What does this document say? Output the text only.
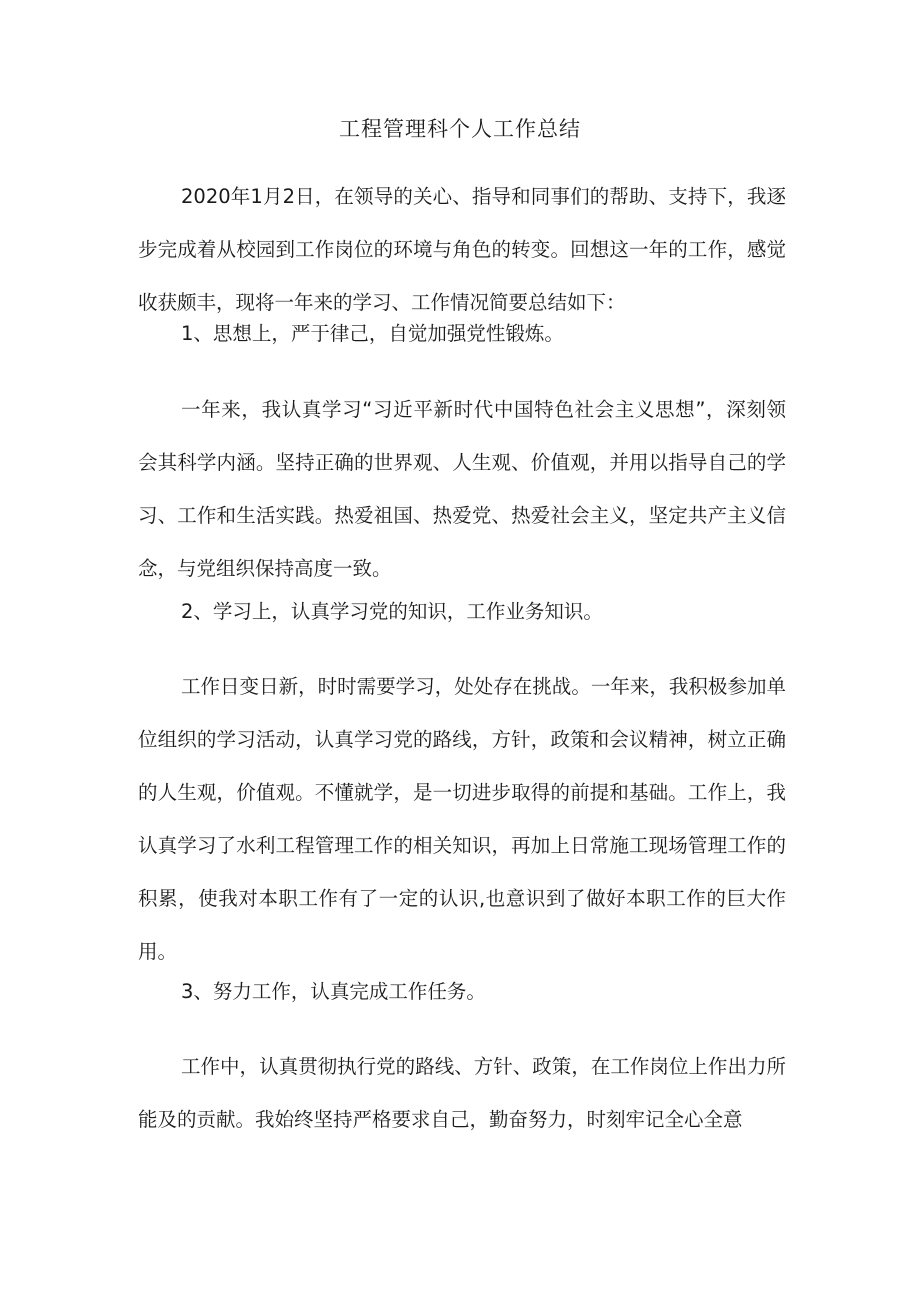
工程管理科个人工作总结

2020年1月2日，在领导的关心、指导和同事们的帮助、支持下，我逐步完成着从校园到工作岗位的环境与角色的转变。回想这一年的工作，感觉收获颇丰，现将一年来的学习、工作情况简要总结如下：

1、思想上，严于律己，自觉加强党性锻炼。

一年来，我认真学习“习近平新时代中国特色社会主义思想”，深刻领会其科学内涵。坚持正确的世界观、人生观、价值观，并用以指导自己的学习、工作和生活实践。热爱祖国、热爱党、热爱社会主义，坚定共产主义信念，与党组织保持高度一致。

2、学习上，认真学习党的知识，工作业务知识。

工作日变日新，时时需要学习，处处存在挑战。一年来，我积极参加单位组织的学习活动，认真学习党的路线，方针，政策和会议精神，树立正确的人生观，价值观。不懂就学，是一切进步取得的前提和基础。工作上，我认真学习了水利工程管理工作的相关知识，再加上日常施工现场管理工作的积累，使我对本职工作有了一定的认识,也意识到了做好本职工作的巨大作用。

3、努力工作，认真完成工作任务。

工作中，认真贯彻执行党的路线、方针、政策，在工作岗位上作出力所能及的贡献。我始终坚持严格要求自己，勤奋努力，时刻牢记全心全意
